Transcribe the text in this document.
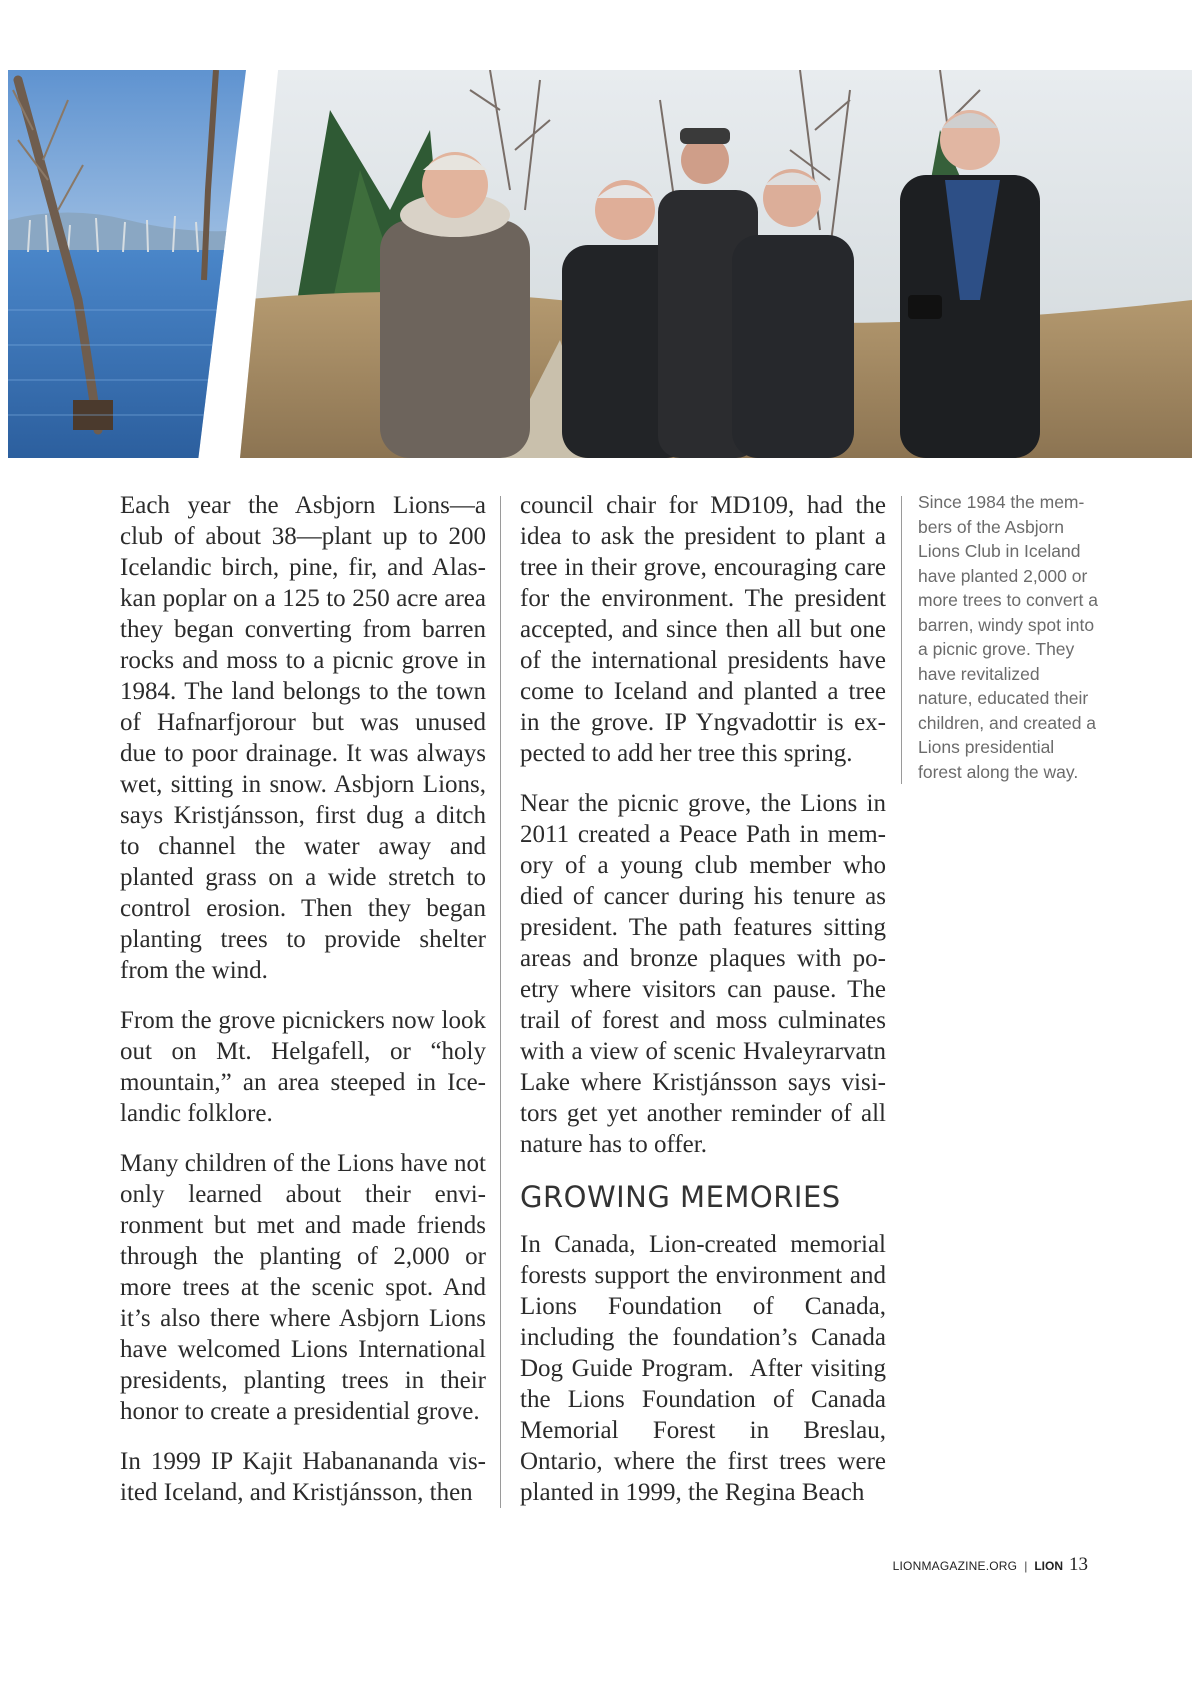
Each year the Asbjorn Lions—a club of about 38—plant up to 200 Icelandic birch, pine, fir, and Alaskan poplar on a 125 to 250 acre area they began converting from barren rocks and moss to a picnic grove in 1984. The land belongs to the town of Hafnarfjorour but was unused due to poor drainage. It was always wet, sitting in snow. Asbjorn Lions, says Kristjánsson, first dug a ditch to channel the water away and planted grass on a wide stretch to control erosion. Then they began planting trees to provide shelter from the wind.

From the grove picnickers now look out on Mt. Helgafell, or “holy mountain,” an area steeped in Icelandic folklore.

Many children of the Lions have not only learned about their environment but met and made friends through the planting of 2,000 or more trees at the scenic spot. And it’s also there where Asbjorn Lions have welcomed Lions International presidents, planting trees in their honor to create a presidential grove.

In 1999 IP Kajit Habanananda visited Iceland, and Kristjánsson, then

council chair for MD109, had the idea to ask the president to plant a tree in their grove, encouraging care for the environment. The president accepted, and since then all but one of the international presidents have come to Iceland and planted a tree in the grove. IP Yngvadottir is expected to add her tree this spring.

Near the picnic grove, the Lions in 2011 created a Peace Path in memory of a young club member who died of cancer during his tenure as president. The path features sitting areas and bronze plaques with poetry where visitors can pause. The trail of forest and moss culminates with a view of scenic Hvaleyrarvatn Lake where Kristjánsson says visitors get yet another reminder of all nature has to offer.

GROWING MEMORIES

In Canada, Lion-created memorial forests support the environment and Lions Foundation of Canada, including the foundation’s Canada Dog Guide Program.  After visiting the Lions Foundation of Canada Memorial Forest in Breslau, Ontario, where the first trees were planted in 1999, the Regina Beach

Since 1984 the members of the Asbjorn Lions Club in Iceland have planted 2,000 or more trees to convert a barren, windy spot into a picnic grove. They have revitalized nature, educated their children, and created a Lions presidential forest along the way.
LIONMAGAZINE.ORG | LION 13
